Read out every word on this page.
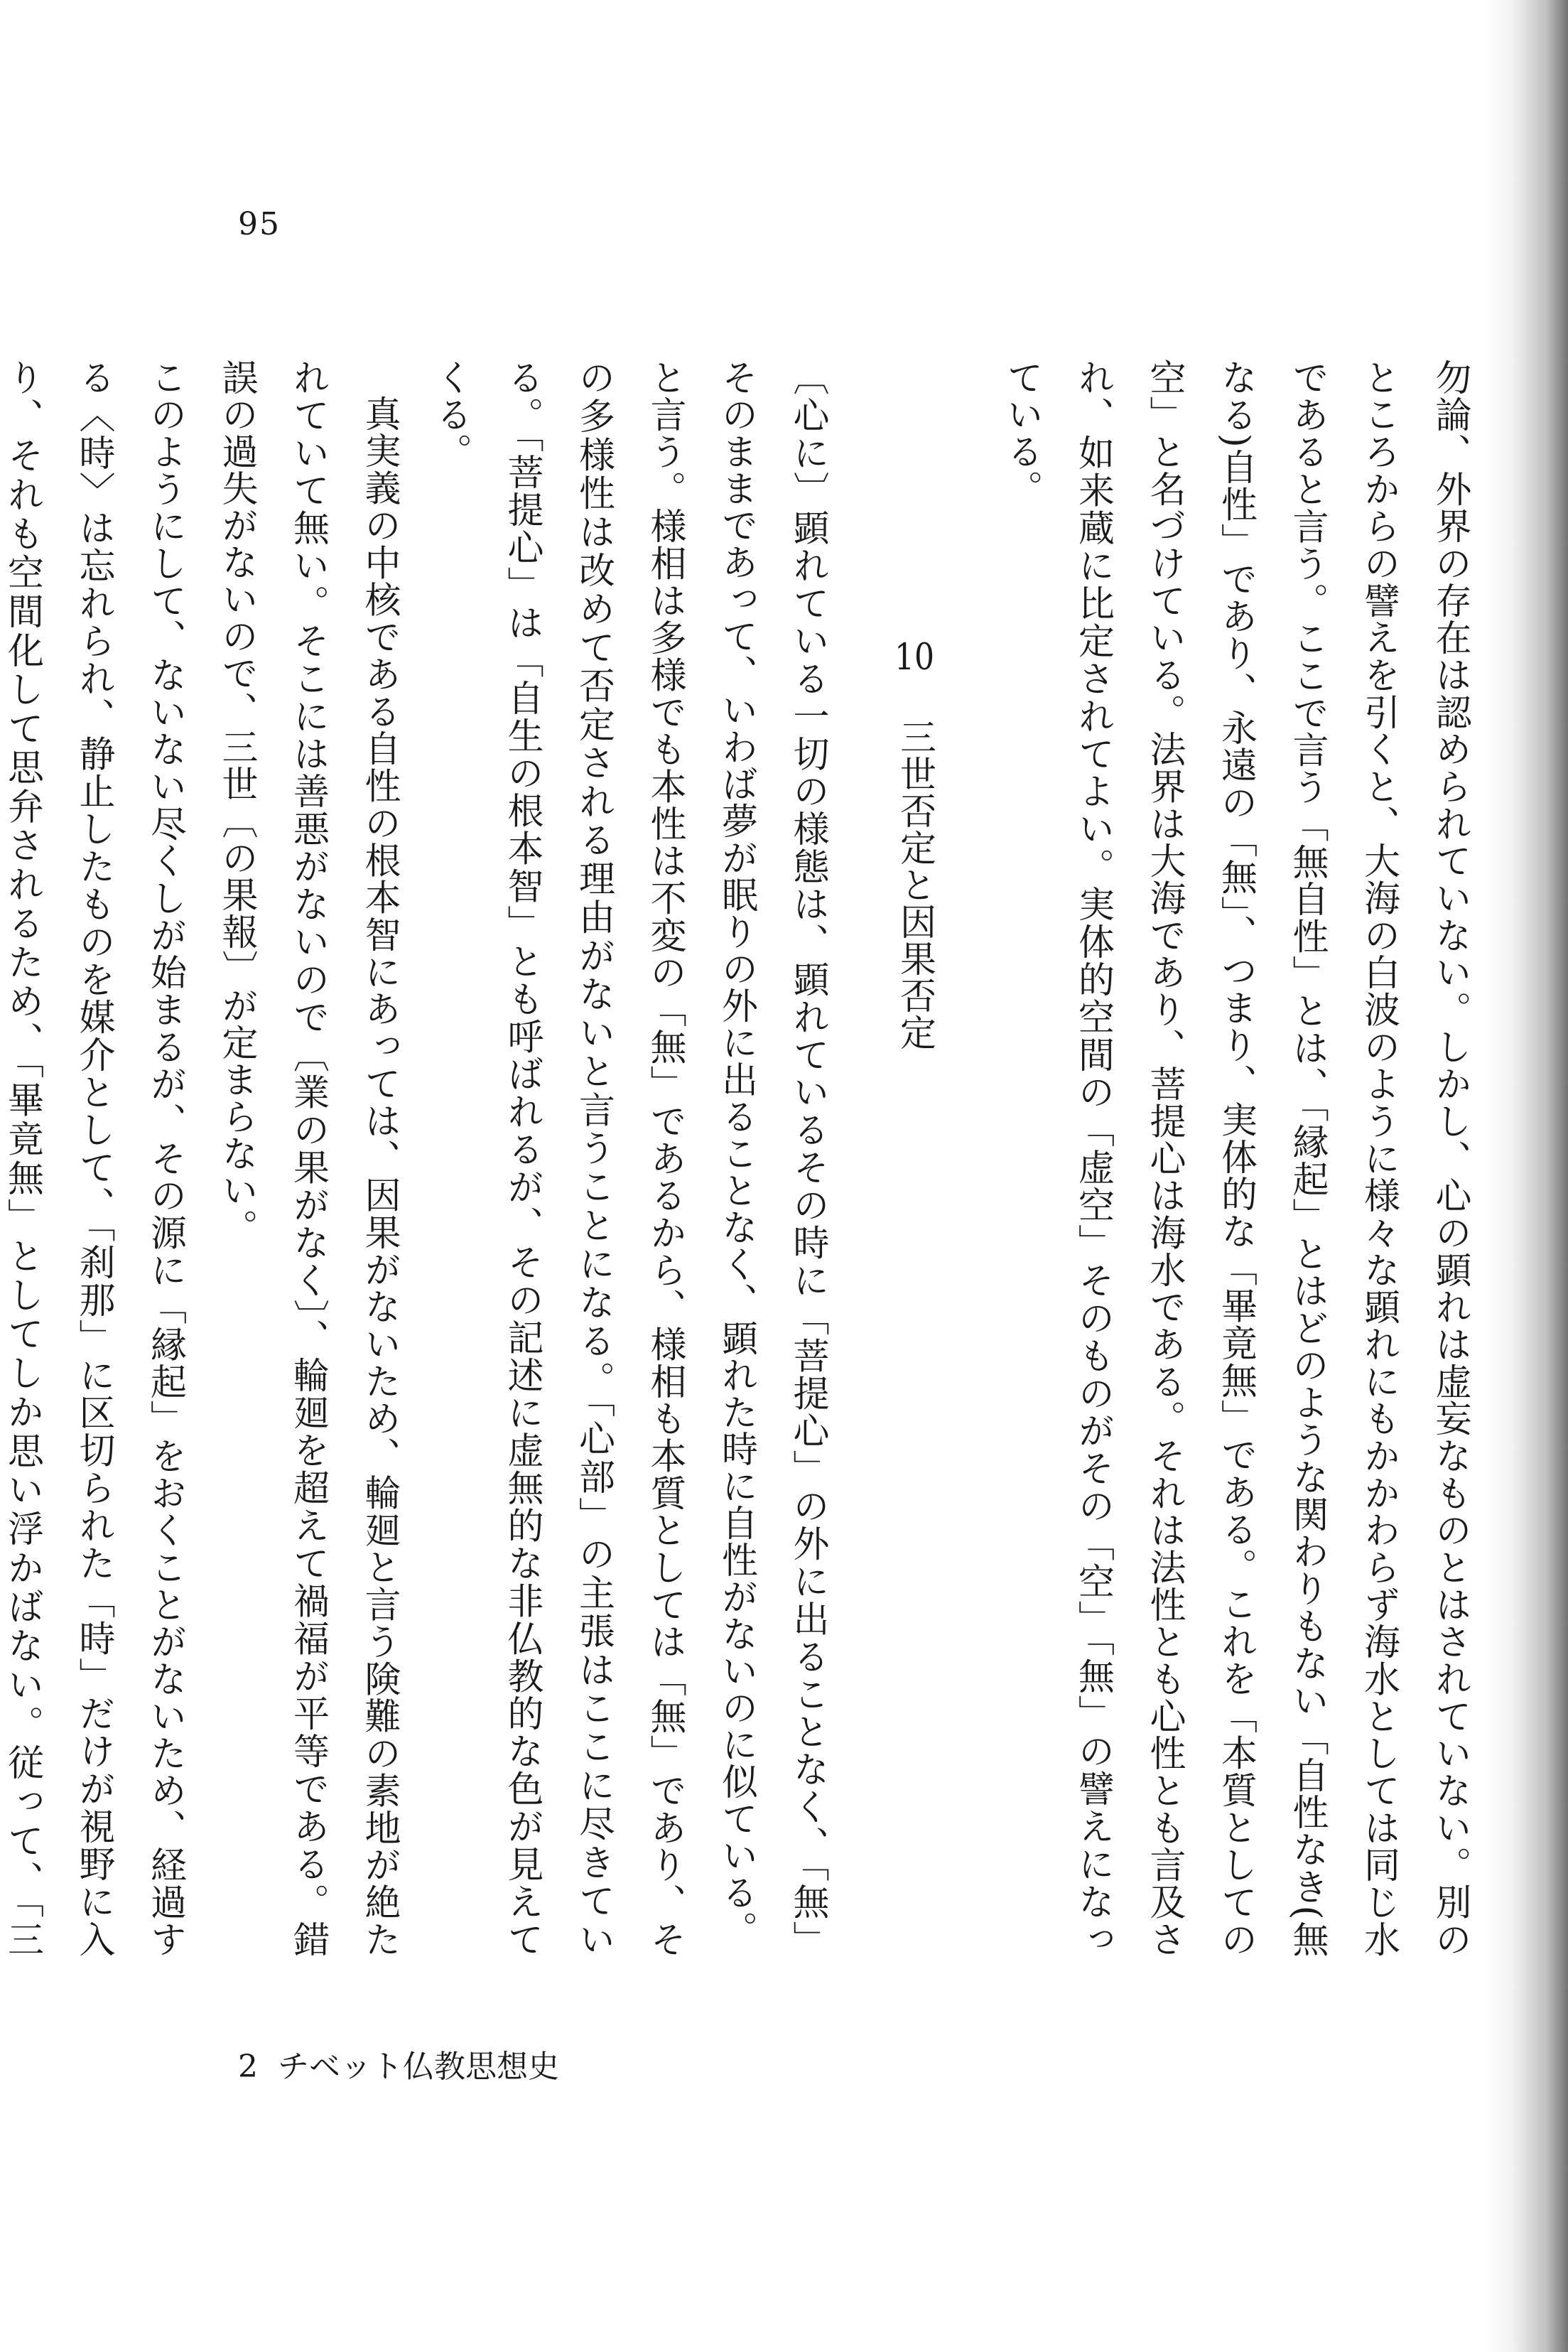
95

勿論、外界の存在は認められていない。しかし、心の顕れは虚妄なものとはされていない。別のところからの譬えを引くと、大海の白波のように様々な顕れにもかかわらず海水としては同じ水であると言う。ここで言う「無自性」とは、「縁起」とはどのような関わりもない「自性なき(無なる)自性」であり、永遠の「無」、つまり、実体的な「畢竟無」である。これを「本質としての空」と名づけている。法界は大海であり、菩提心は海水である。それは法性とも心性とも言及され、如来蔵に比定されてよい。実体的空間の「虚空」そのものがその「空」「無」の譬えになっている。

10三世否定と因果否定

〔心に〕顕れている一切の様態は、顕れているその時に「菩提心」の外に出ることなく、「無」そのままであって、いわば夢が眠りの外に出ることなく、顕れた時に自性がないのに似ている。

と言う。様相は多様でも本性は不変の「無」であるから、様相も本質としては「無」であり、その多様性は改めて否定される理由がないと言うことになる。「心部」の主張はここに尽きている。「菩提心」は「自生の根本智」とも呼ばれるが、その記述に虚無的な非仏教的な色が見えてくる。

真実義の中核である自性の根本智にあっては、因果がないため、輪廻と言う険難の素地が絶たれていて無い。そこには善悪がないので〔業の果がなく〕、輪廻を超えて禍福が平等である。錯誤の過失がないので、三世〔の果報〕が定まらない。

このようにして、ないない尽くしが始まるが、その源に「縁起」をおくことがないため、経過する〈時〉は忘れられ、静止したものを媒介として、「刹那」に区切られた「時」だけが視野に入り、それも空間化して思弁されるため、「畢竟無」としてしか思い浮かばない。従って、「三

2 チベット仏教思想史
